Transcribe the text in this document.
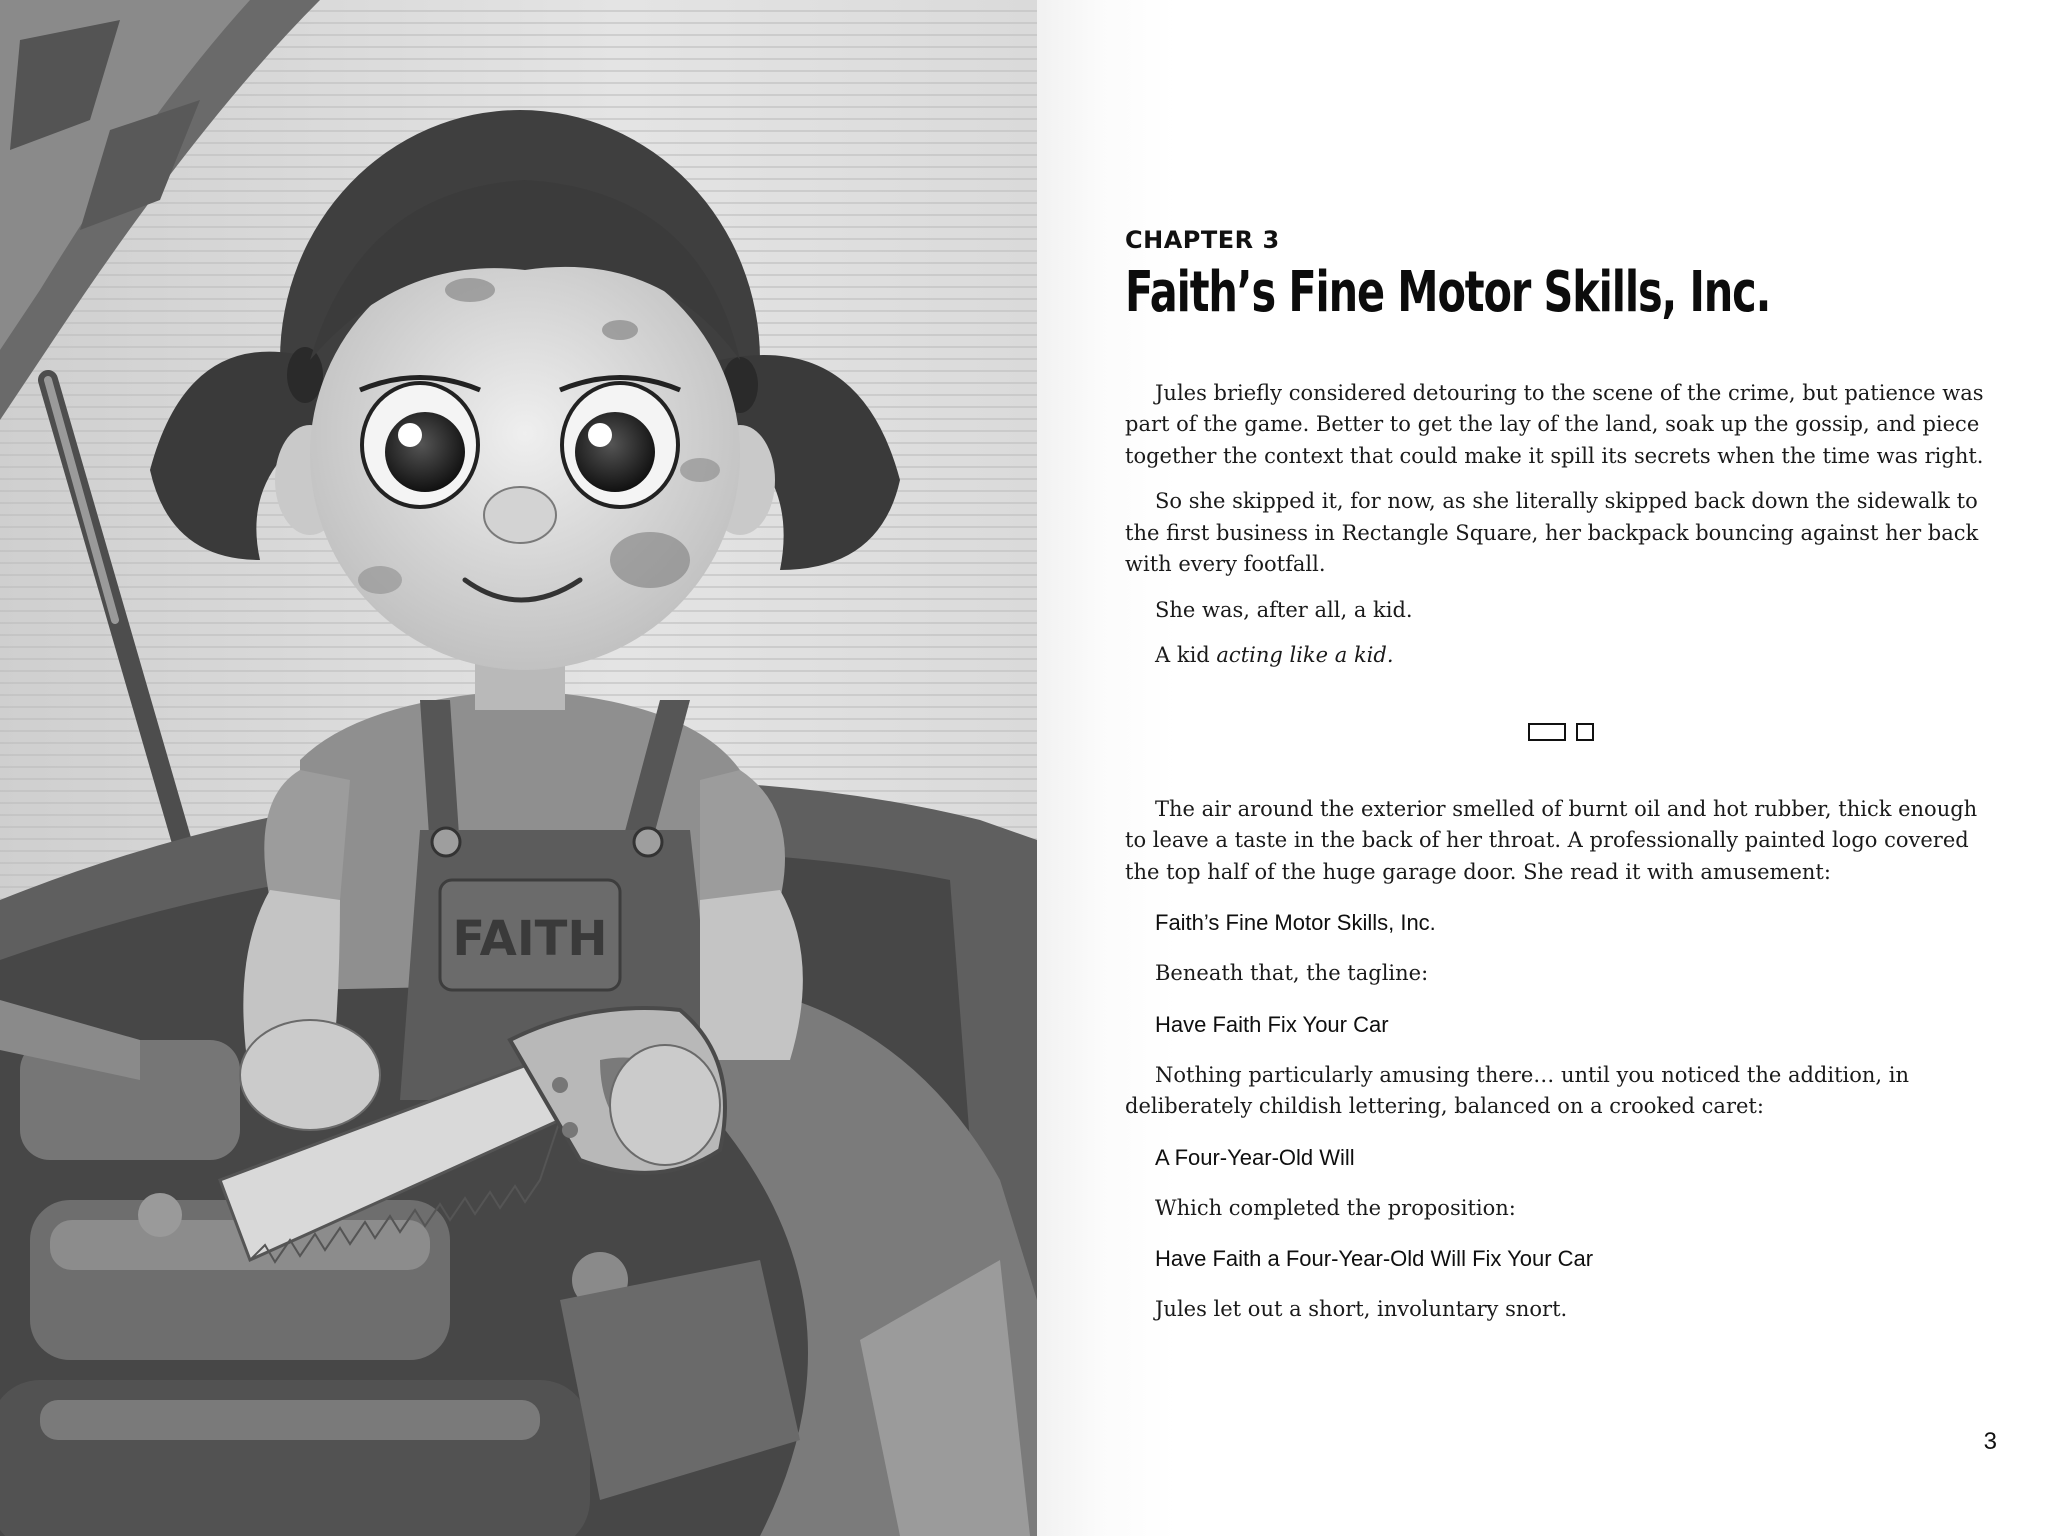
FAITH

CHAPTER 3

Faith’s Fine Motor Skills, Inc.

Jules briefly considered detouring to the scene of the crime, but patience was part of the game. Better to get the lay of the land, soak up the gossip, and piece together the context that could make it spill its secrets when the time was right.

So she skipped it, for now, as she literally skipped back down the sidewalk to the first business in Rectangle Square, her backpack bouncing against her back with every footfall.

She was, after all, a kid.

A kid acting like a kid.

The air around the exterior smelled of burnt oil and hot rubber, thick enough to leave a taste in the back of her throat. A professionally painted logo covered the top half of the huge garage door. She read it with amusement:

Faith’s Fine Motor Skills, Inc.

Beneath that, the tagline:

Have Faith Fix Your Car

Nothing particularly amusing there… until you noticed the addition, in deliberately childish lettering, balanced on a crooked caret:

A Four-Year-Old Will

Which completed the proposition:

Have Faith a Four-Year-Old Will Fix Your Car

Jules let out a short, involuntary snort.

3
